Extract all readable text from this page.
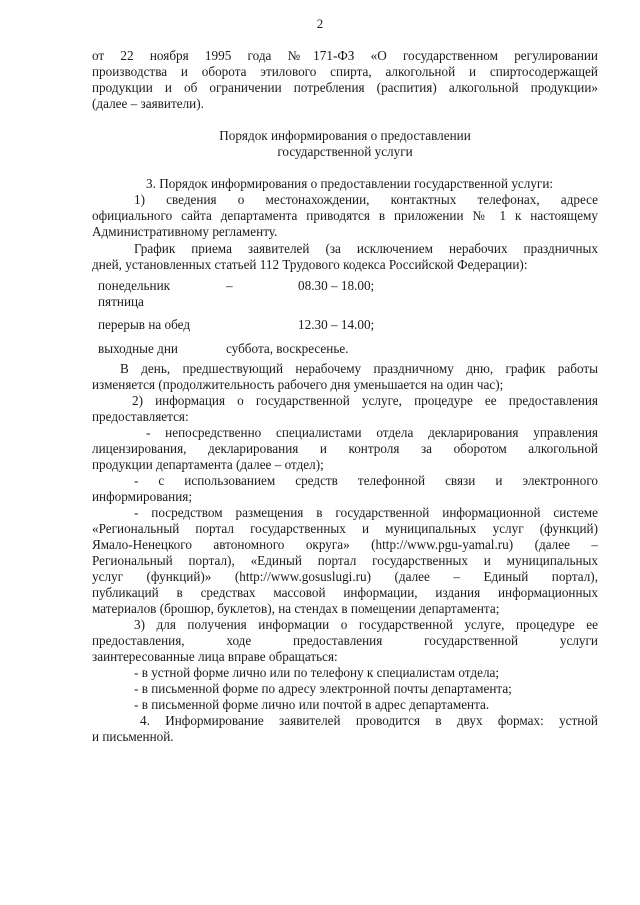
2
от 22 ноября 1995 года №171-ФЗ «О государственном регулировании
производства и оборота этилового спирта, алкогольной и спиртосодержащей
продукции и об ограничении потребления (распития) алкогольной продукции»
(далее – заявители).
Порядок информирования о предоставлении
государственной услуги
3. Порядок информирования о предоставлении государственной услуги:
1) сведения о местонахождении, контактных телефонах, адресе
официального сайта департамента приводятся в приложении № 1 к настоящему
Административному регламенту.
График приема заявителей (за исключением нерабочих праздничных
дней, установленных статьей 112 Трудового кодекса Российской Федерации):
понедельник	–	08.30 – 18.00;
пятница
перерыв на обед	12.30 – 14.00;
выходные дни	суббота, воскресенье.
В день, предшествующий нерабочему праздничному дню, график работы
изменяется (продолжительность рабочего дня уменьшается на один час);
2) информация о государственной услуге, процедуре ее предоставления
предоставляется:
- непосредственно специалистами отдела декларирования управления
лицензирования, декларирования и контроля за оборотом алкогольной
продукции департамента (далее – отдел);
- с использованием средств телефонной связи и электронного
информирования;
- посредством размещения в государственной информационной системе
«Региональный портал государственных и муниципальных услуг (функций)
Ямало-Ненецкого автономного округа» (http://www.pgu-yamal.ru) (далее –
Региональный портал), «Единый портал государственных и муниципальных
услуг (функций)» (http://www.gosuslugi.ru) (далее – Единый портал),
публикаций в средствах массовой информации, издания информационных
материалов (брошюр, буклетов), на стендах в помещении департамента;
3) для получения информации о государственной услуге, процедуре ее
предоставления, ходе предоставления государственной услуги
заинтересованные лица вправе обращаться:
- в устной форме лично или по телефону к специалистам отдела;
- в письменной форме по адресу электронной почты департамента;
- в письменной форме лично или почтой в адрес департамента.
4. Информирование заявителей проводится в двух формах: устной
и письменной.
